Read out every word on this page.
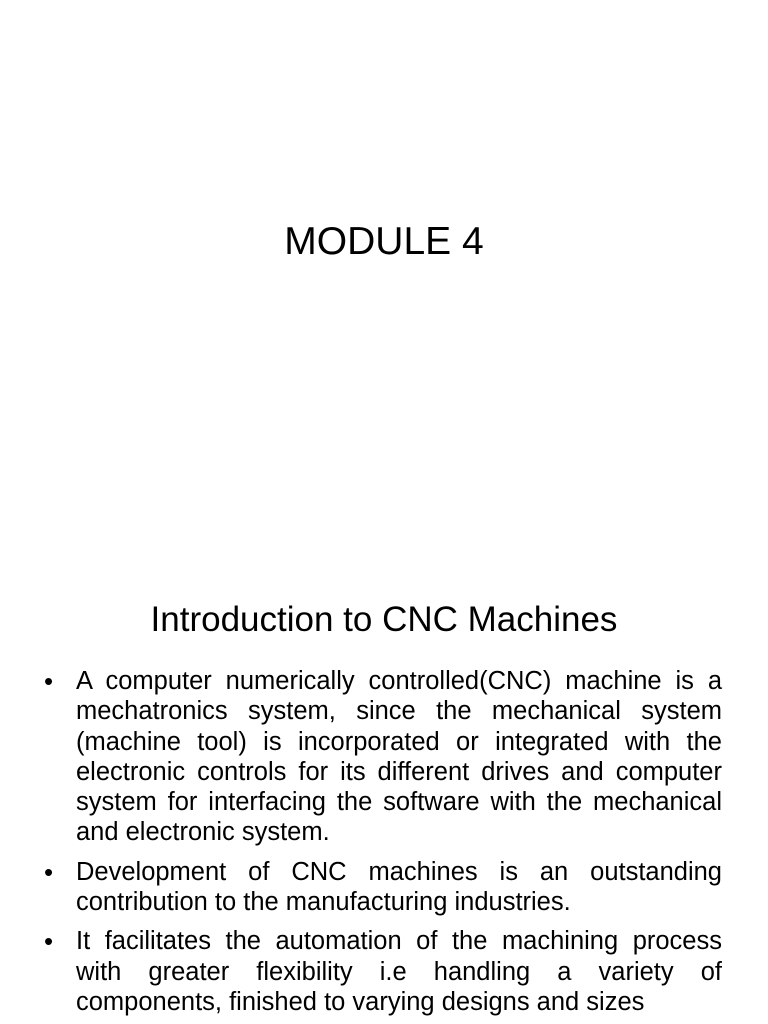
MODULE 4
Introduction to CNC Machines
• A computer numerically controlled(CNC) machine is a mechatronics system, since the mechanical system (machine tool) is incorporated or integrated with the electronic controls for its different drives and computer system for interfacing the software with the mechanical and electronic system.
• Development of CNC machines is an outstanding contribution to the manufacturing industries.
• It facilitates the automation of the machining process with greater flexibility i.e handling a variety of components, finished to varying designs and sizes
